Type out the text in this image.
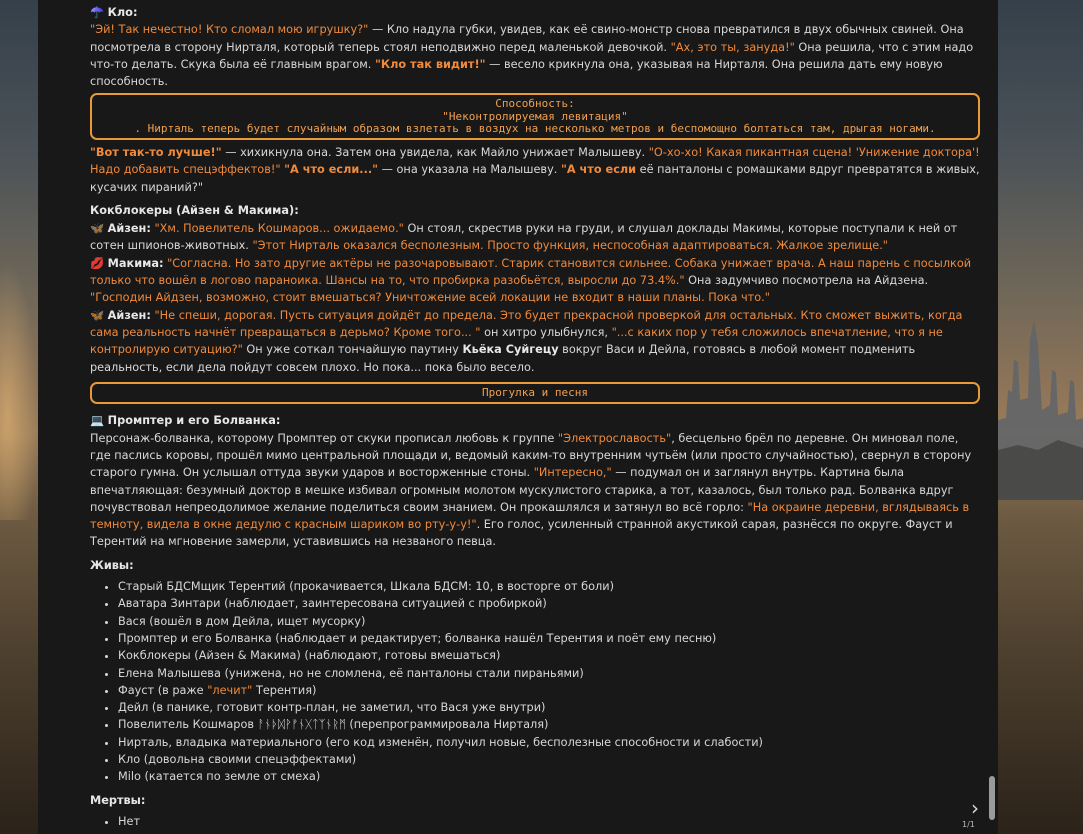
☂️ Кло:
"Эй! Так нечестно! Кто сломал мою игрушку?" — Кло надула губки, увидев, как её свино-монстр снова превратился в двух обычных свиней. Она посмотрела в сторону Нирталя, который теперь стоял неподвижно перед маленькой девочкой. "Ах, это ты, зануда!" Она решила, что с этим надо что-то делать. Скука была её главным врагом. "Кло так видит!" — весело крикнула она, указывая на Нирталя. Она решила дать ему новую способность.

Способность:
"Неконтролируемая левитация"
. Нирталь теперь будет случайным образом взлетать в воздух на несколько метров и беспомощно болтаться там, дрыгая ногами.

"Вот так-то лучше!" — хихикнула она. Затем она увидела, как Майло унижает Малышеву. "О-хо-хо! Какая пикантная сцена! 'Унижение доктора'! Надо добавить спецэффектов!" "А что если..." — она указала на Малышеву. "А что если её панталоны с ромашками вдруг превратятся в живых, кусачих пираний?"

Кокблокеры (Айзен & Макима):

🦋 Айзен: "Хм. Повелитель Кошмаров... ожидаемо." Он стоял, скрестив руки на груди, и слушал доклады Макимы, которые поступали к ней от сотен шпионов-животных. "Этот Нирталь оказался бесполезным. Просто функция, неспособная адаптироваться. Жалкое зрелище."

💋 Макима: "Согласна. Но зато другие актёры не разочаровывают. Старик становится сильнее. Собака унижает врача. А наш парень с посылкой только что вошёл в логово параноика. Шансы на то, что пробирка разобьётся, выросли до 73.4%." Она задумчиво посмотрела на Айдзена. "Господин Айдзен, возможно, стоит вмешаться? Уничтожение всей локации не входит в наши планы. Пока что."

🦋 Айзен: "Не спеши, дорогая. Пусть ситуация дойдёт до предела. Это будет прекрасной проверкой для остальных. Кто сможет выжить, когда сама реальность начнёт превращаться в дерьмо? Кроме того... " он хитро улыбнулся, "...с каких пор у тебя сложилось впечатление, что я не контролирую ситуацию?" Он уже соткал тончайшую паутину Кьёка Суйгецу вокруг Васи и Дейла, готовясь в любой момент подменить реальность, если дела пойдут совсем плохо. Но пока... пока было весело.

Прогулка и песня

💻 Промптер и его Болванка:
Персонаж-болванка, которому Промптер от скуки прописал любовь к группе "Электрославость", бесцельно брёл по деревне. Он миновал поле, где паслись коровы, прошёл мимо центральной площади и, ведомый каким-то внутренним чутьём (или просто случайностью), свернул в сторону старого гумна. Он услышал оттуда звуки ударов и восторженные стоны. "Интересно," — подумал он и заглянул внутрь. Картина была впечатляющая: безумный доктор в мешке избивал огромным молотом мускулистого старика, а тот, казалось, был только рад. Болванка вдруг почувствовал непреодолимое желание поделиться своим знанием. Он прокашлялся и затянул во всё горло: "На окраине деревни, вглядываясь в темноту, видела в окне дедулю с красным шариком во рту-у-у!". Его голос, усиленный странной акустикой сарая, разнёсся по округе. Фауст и Терентий на мгновение замерли, уставившись на незваного певца.

Живы:
• Старый БДСМщик Терентий (прокачивается, Шкала БДСМ: 10, в восторге от боли)
• Аватара Зинтари (наблюдает, заинтересована ситуацией с пробиркой)
• Вася (вошёл в дом Дейла, ищет мусорку)
• Промптер и его Болванка (наблюдает и редактирует; болванка нашёл Терентия и поёт ему песню)
• Кокблокеры (Айзен & Макима) (наблюдают, готовы вмешаться)
• Елена Малышева (унижена, но не сломлена, её панталоны стали пираньями)
• Фауст (в раже "лечит" Терентия)
• Дейл (в панике, готовит контр-план, не заметил, что Вася уже внутри)
• Повелитель Кошмаров ᚨᚾᚦᛞᚹᚠᚾᚷᛏᛉᚾᚱᛗ (перепрограммировала Нирталя)
• Нирталь, владыка материального (его код изменён, получил новые, бесполезные способности и слабости)
• Кло (довольна своими спецэффектами)
• Milo (катается по земле от смеха)
Мертвы:
• Нет
›
1/1
